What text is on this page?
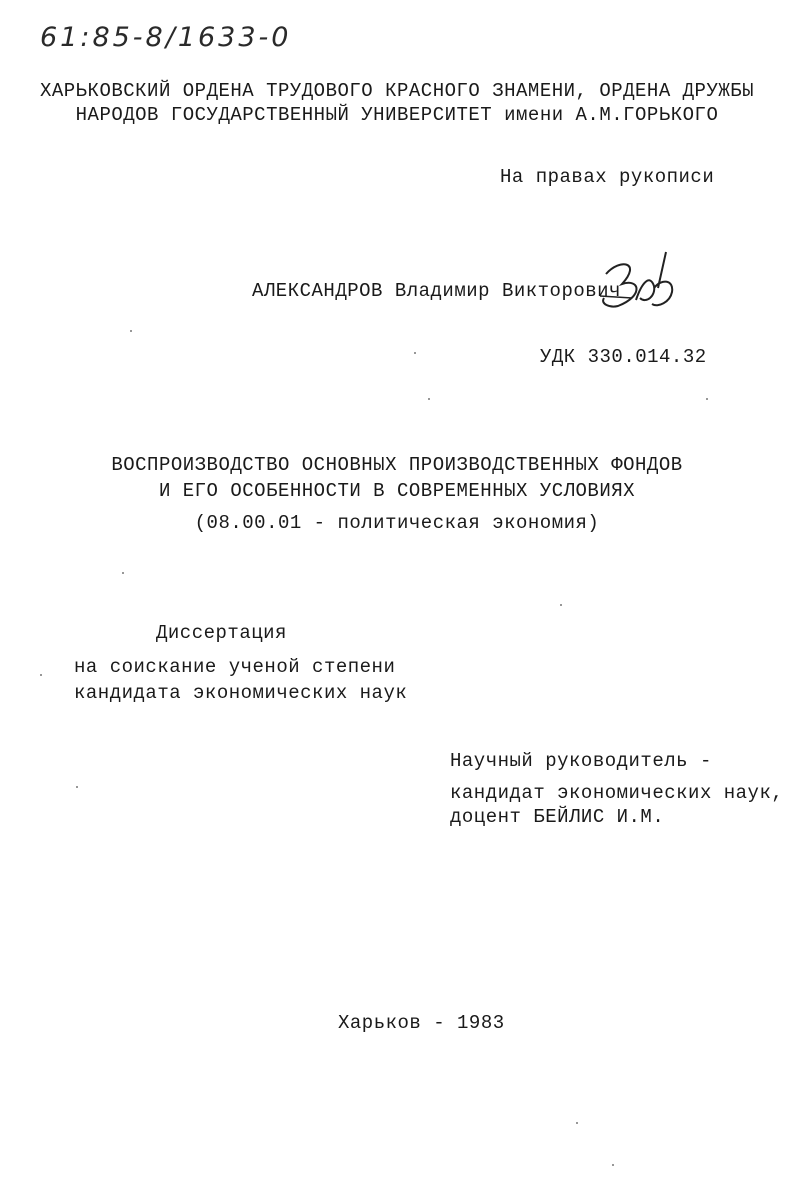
61:85-8/1633-0
ХАРЬКОВСКИЙ ОРДЕНА ТРУДОВОГО КРАСНОГО ЗНАМЕНИ, ОРДЕНА ДРУЖБЫ
НАРОДОВ ГОСУДАРСТВЕННЫЙ УНИВЕРСИТЕТ имени А.М.ГОРЬКОГО
На правах рукописи
АЛЕКСАНДРОВ Владимир Викторович
УДК 330.014.32
ВОСПРОИЗВОДСТВО ОСНОВНЫХ ПРОИЗВОДСТВЕННЫХ ФОНДОВ
И ЕГО ОСОБЕННОСТИ В СОВРЕМЕННЫХ УСЛОВИЯХ
(08.00.01 - политическая экономия)
Диссертация
на соискание ученой степени
кандидата экономических наук
Научный руководитель -
кандидат экономических наук,
доцент БЕЙЛИС И.М.
Харьков - 1983
